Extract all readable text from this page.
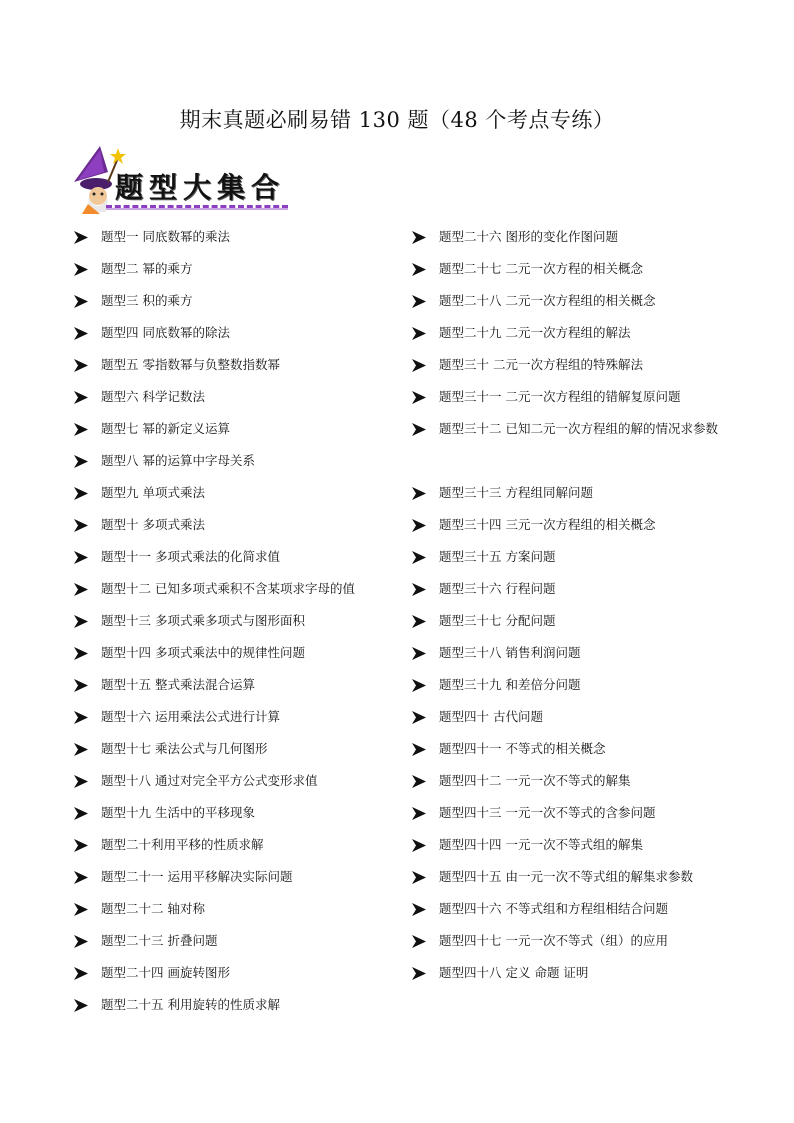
期末真题必刷易错 130 题（48 个考点专练）
题型大集合
题型一 同底数幂的乘法
题型二 幂的乘方
题型三 积的乘方
题型四 同底数幂的除法
题型五 零指数幂与负整数指数幂
题型六 科学记数法
题型七 幂的新定义运算
题型八 幂的运算中字母关系
题型九 单项式乘法
题型十 多项式乘法
题型十一 多项式乘法的化简求值
题型十二 已知多项式乘积不含某项求字母的值
题型十三 多项式乘多项式与图形面积
题型十四 多项式乘法中的规律性问题
题型十五 整式乘法混合运算
题型十六 运用乘法公式进行计算
题型十七 乘法公式与几何图形
题型十八 通过对完全平方公式变形求值
题型十九 生活中的平移现象
题型二十利用平移的性质求解
题型二十一 运用平移解决实际问题
题型二十二 轴对称
题型二十三 折叠问题
题型二十四 画旋转图形
题型二十五 利用旋转的性质求解
题型二十六 图形的变化作图问题
题型二十七 二元一次方程的相关概念
题型二十八 二元一次方程组的相关概念
题型二十九 二元一次方程组的解法
题型三十 二元一次方程组的特殊解法
题型三十一 二元一次方程组的错解复原问题
题型三十二 已知二元一次方程组的解的情况求参数
题型三十三 方程组同解问题
题型三十四 三元一次方程组的相关概念
题型三十五 方案问题
题型三十六 行程问题
题型三十七 分配问题
题型三十八 销售利润问题
题型三十九 和差倍分问题
题型四十 古代问题
题型四十一 不等式的相关概念
题型四十二 一元一次不等式的解集
题型四十三 一元一次不等式的含参问题
题型四十四 一元一次不等式组的解集
题型四十五 由一元一次不等式组的解集求参数
题型四十六 不等式组和方程组相结合问题
题型四十七 一元一次不等式（组）的应用
题型四十八 定义 命题 证明
